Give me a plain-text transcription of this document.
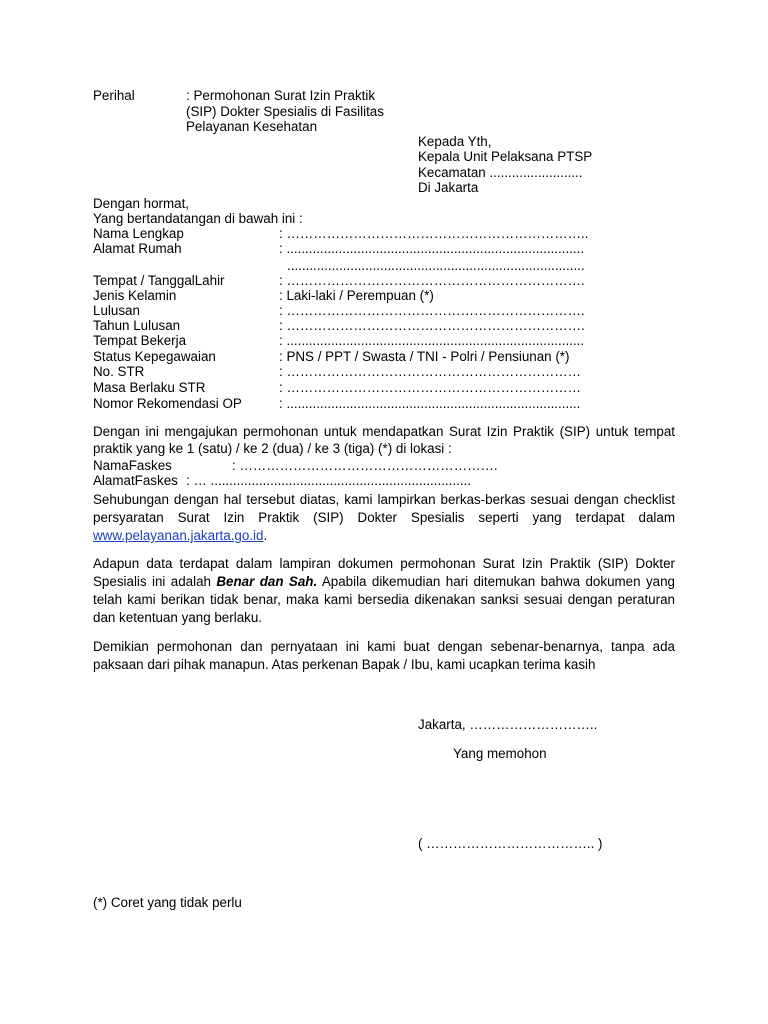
Perihal	: Permohonan Surat Izin Praktik
(SIP) Dokter Spesialis di Fasilitas
Pelayanan Kesehatan
Kepada Yth,
Kepala Unit Pelaksana PTSP
Kecamatan .........................
Di Jakarta
Dengan hormat,
Yang bertandatangan di bawah ini :
Nama Lengkap	: …………………………………………………………..
Alamat Rumah	: ................................................................................
................................................................................
Tempat / TanggalLahir	: ………………………………………………………….
Jenis Kelamin	: Laki-laki / Perempuan (*)
Lulusan	: ………………………………………………………….
Tahun Lulusan	: ………………………………………………………….
Tempat Bekerja	: ................................................................................
Status Kepegawaian	: PNS / PPT / Swasta / TNI - Polri / Pensiunan (*)
No. STR	: …………………………………………………………
Masa Berlaku STR	: …………………………………………………………
Nomor Rekomendasi OP	: ...............................................................................
Dengan ini mengajukan permohonan untuk mendapatkan Surat Izin Praktik (SIP) untuk tempat praktik yang ke 1 (satu) / ke 2 (dua) / ke 3 (tiga) (*) di lokasi :
NamaFaskes	: ………………………………………………….
AlamatFaskes : … ......................................................................
Sehubungan dengan hal tersebut diatas, kami lampirkan berkas-berkas sesuai dengan checklist persyaratan Surat Izin Praktik (SIP) Dokter Spesialis seperti yang terdapat dalam www.pelayanan.jakarta.go.id.
Adapun data terdapat dalam lampiran dokumen permohonan Surat Izin Praktik (SIP) Dokter Spesialis ini adalah Benar dan Sah. Apabila dikemudian hari ditemukan bahwa dokumen yang telah kami berikan tidak benar, maka kami bersedia dikenakan sanksi sesuai dengan peraturan dan ketentuan yang berlaku.
Demikian permohonan dan pernyataan ini kami buat dengan sebenar-benarnya, tanpa ada paksaan dari pihak manapun. Atas perkenan Bapak / Ibu, kami ucapkan terima kasih
Jakarta, ………………………..
Yang memohon
( ……………………………….. )
(*) Coret yang tidak perlu
